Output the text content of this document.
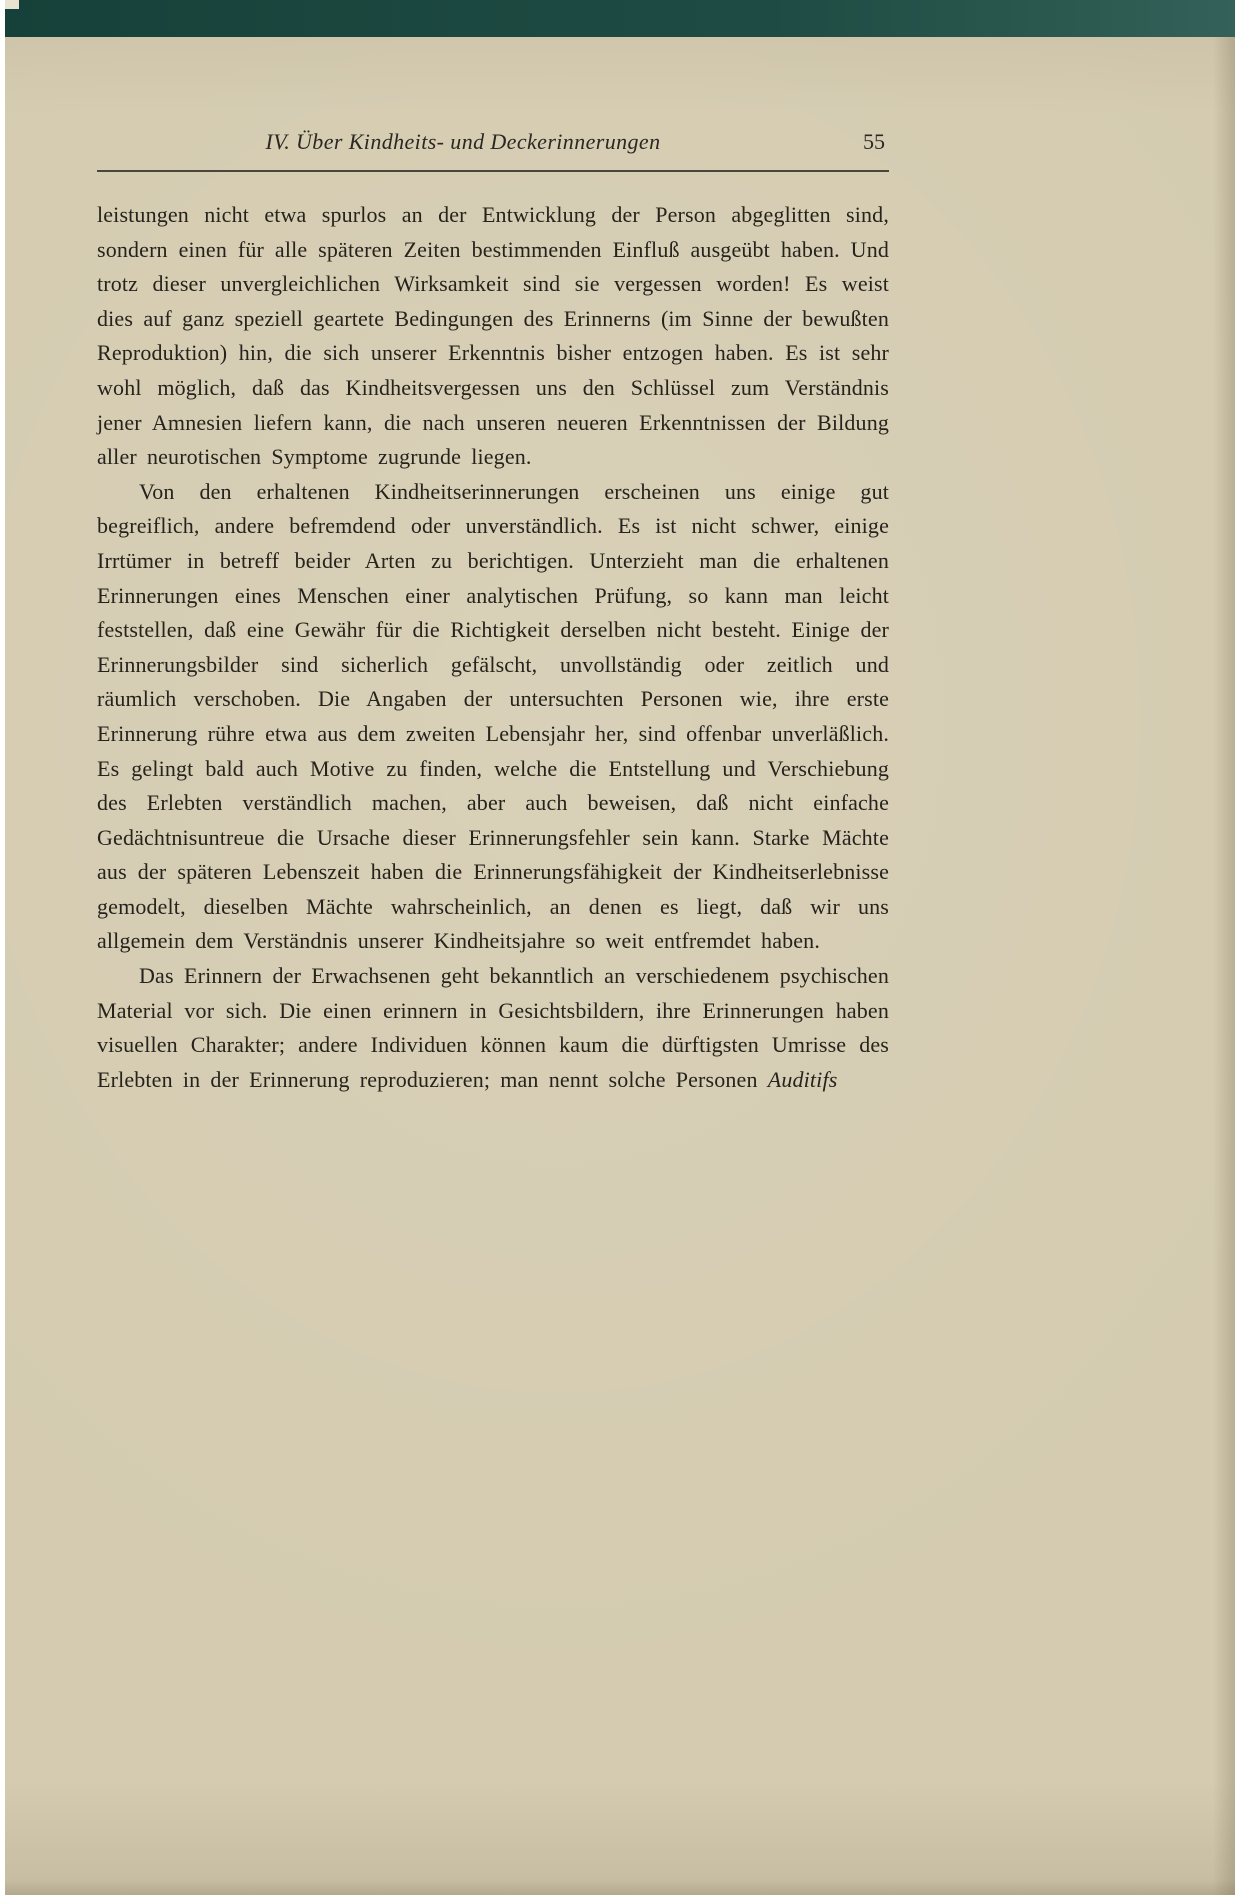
IV. Über Kindheits- und Deckerinnerungen	55

leistungen nicht etwa spurlos an der Entwicklung der Person abgeglitten sind, sondern einen für alle späteren Zeiten bestimmenden Einfluß ausgeübt haben. Und trotz dieser unvergleichlichen Wirksamkeit sind sie vergessen worden! Es weist dies auf ganz speziell geartete Bedingungen des Erinnerns (im Sinne der bewußten Reproduktion) hin, die sich unserer Erkenntnis bisher entzogen haben. Es ist sehr wohl möglich, daß das Kindheitsvergessen uns den Schlüssel zum Verständnis jener Amnesien liefern kann, die nach unseren neueren Erkenntnissen der Bildung aller neurotischen Symptome zugrunde liegen.

Von den erhaltenen Kindheitserinnerungen erscheinen uns einige gut begreiflich, andere befremdend oder unverständlich. Es ist nicht schwer, einige Irrtümer in betreff beider Arten zu berichtigen. Unterzieht man die erhaltenen Erinnerungen eines Menschen einer analytischen Prüfung, so kann man leicht feststellen, daß eine Gewähr für die Richtigkeit derselben nicht besteht. Einige der Erinnerungsbilder sind sicherlich gefälscht, unvollständig oder zeitlich und räumlich verschoben. Die Angaben der untersuchten Personen wie, ihre erste Erinnerung rühre etwa aus dem zweiten Lebensjahr her, sind offenbar unverläßlich. Es gelingt bald auch Motive zu finden, welche die Entstellung und Verschiebung des Erlebten verständlich machen, aber auch beweisen, daß nicht einfache Gedächtnisuntreue die Ursache dieser Erinnerungsfehler sein kann. Starke Mächte aus der späteren Lebenszeit haben die Erinnerungsfähigkeit der Kindheitserlebnisse gemodelt, dieselben Mächte wahrscheinlich, an denen es liegt, daß wir uns allgemein dem Verständnis unserer Kindheitsjahre so weit entfremdet haben.

Das Erinnern der Erwachsenen geht bekanntlich an verschiedenem psychischen Material vor sich. Die einen erinnern in Gesichtsbildern, ihre Erinnerungen haben visuellen Charakter; andere Individuen können kaum die dürftigsten Umrisse des Erlebten in der Erinnerung reproduzieren; man nennt solche Personen Auditifs
